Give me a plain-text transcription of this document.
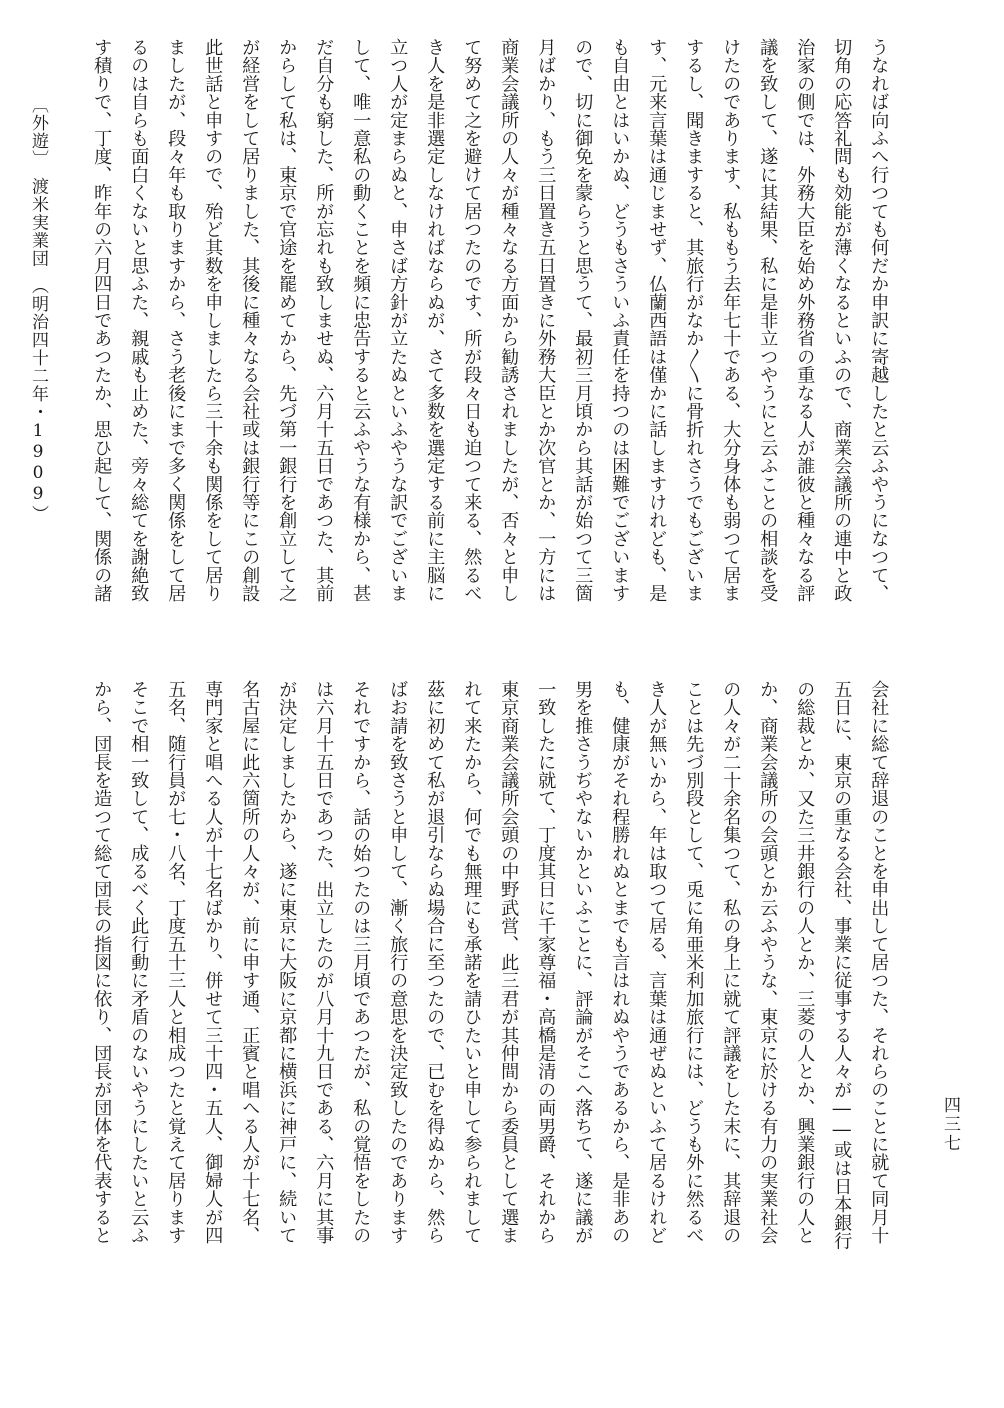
〔外遊〕　渡米実業団　（明治四十二年・1909）
四三七
うなれば向ふへ行つても何だか申訳に寄越したと云ふやうになつて、
切角の応答礼問も効能が薄くなるといふので、商業会議所の連中と政
治家の側では、外務大臣を始め外務省の重なる人が誰彼と種々なる評
議を致して、遂に其結果、私に是非立つやうにと云ふことの相談を受
けたのであります、私ももう去年七十である、大分身体も弱つて居ま
するし、聞きますると、其旅行がなか〳〵に骨折れさうでもございま
す、元来言葉は通じませず、仏蘭西語は僅かに話しますけれども、是
も自由とはいかぬ、どうもさういふ責任を持つのは困難でございます
ので、切に御免を蒙らうと思うて、最初三月頃から其話が始つて三箇
月ばかり、もう三日置き五日置きに外務大臣とか次官とか、一方には
商業会議所の人々が種々なる方面から勧誘されましたが、否々と申し
て努めて之を避けて居つたのです、所が段々日も迫つて来る、然るべ
き人を是非選定しなければならぬが、さて多数を選定する前に主脳に
立つ人が定まらぬと、申さば方針が立たぬといふやうな訳でございま
して、唯一意私の動くことを頻に忠告すると云ふやうな有様から、甚
だ自分も窮した、所が忘れも致しませぬ、六月十五日であつた、其前
からして私は、東京で官途を罷めてから、先づ第一銀行を創立して之
が経営をして居りました、其後に種々なる会社或は銀行等にこの創設
此世話と申すので、殆ど其数を申しましたら三十余も関係をして居り
ましたが、段々年も取りますから、さう老後にまで多く関係をして居
るのは自らも面白くないと思ふた、親戚も止めた、旁々総てを謝絶致
す積りで、丁度、昨年の六月四日であつたか、思ひ起して、関係の諸
会社に総て辞退のことを申出して居つた、それらのことに就て同月十
五日に、東京の重なる会社、事業に従事する人々が――或は日本銀行
の総裁とか、又た三井銀行の人とか、三菱の人とか、興業銀行の人と
か、商業会議所の会頭とか云ふやうな、東京に於ける有力の実業社会
の人々が二十余名集つて、私の身上に就て評議をした末に、其辞退の
ことは先づ別段として、兎に角亜米利加旅行には、どうも外に然るべ
き人が無いから、年は取つて居る、言葉は通ぜぬといふて居るけれど
も、健康がそれ程勝れぬとまでも言はれぬやうであるから、是非あの
男を推さうぢやないかといふことに、評論がそこへ落ちて、遂に議が
一致したに就て、丁度其日に千家尊福・高橋是清の両男爵、それから
東京商業会議所会頭の中野武営、此三君が其仲間から委員として選ま
れて来たから、何でも無理にも承諾を請ひたいと申して参られまして
茲に初めて私が退引ならぬ場合に至つたので、已むを得ぬから、然ら
ばお請を致さうと申して、漸く旅行の意思を決定致したのであります
それですから、話の始つたのは三月頃であつたが、私の覚悟をしたの
は六月十五日であつた、出立したのが八月十九日である、六月に其事
が決定しましたから、遂に東京に大阪に京都に横浜に神戸に、続いて
名古屋に此六箇所の人々が、前に申す通、正賓と唱へる人が十七名、
専門家と唱へる人が十七名ばかり、併せて三十四・五人、御婦人が四
五名、随行員が七・八名、丁度五十三人と相成つたと覚えて居ります
そこで相一致して、成るべく此行動に矛盾のないやうにしたいと云ふ
から、団長を造つて総て団長の指図に依り、団長が団体を代表すると
